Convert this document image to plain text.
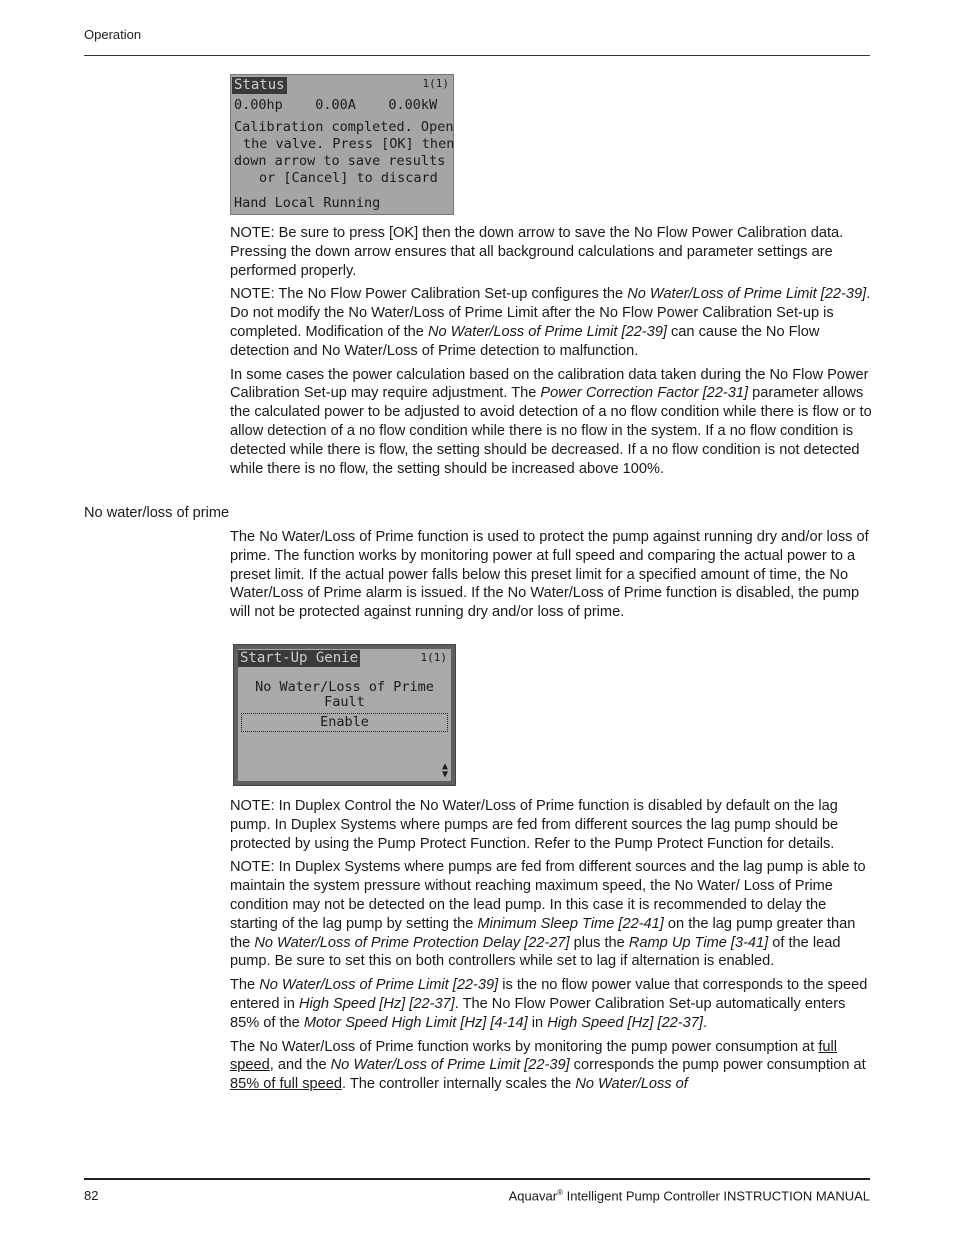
Operation
Status	1(1)
0.00hp    0.00A    0.00kW
Calibration completed. Open
the valve. Press [OK] then
down arrow to save results
or [Cancel] to discard
Hand Local Running

NOTE: Be sure to press [OK] then the down arrow to save the No Flow Power Calibration data. Pressing the down arrow ensures that all background calculations and parameter settings are performed properly.

NOTE: The No Flow Power Calibration Set-up configures the No Water/Loss of Prime Limit [22-39]. Do not modify the No Water/Loss of Prime Limit after the No Flow Power Calibration Set-up is completed. Modification of the No Water/Loss of Prime Limit [22-39] can cause the No Flow detection and No Water/Loss of Prime detection to malfunction.

In some cases the power calculation based on the calibration data taken during the No Flow Power Calibration Set-up may require adjustment. The Power Correction Factor [22-31] parameter allows the calculated power to be adjusted to avoid detection of a no flow condition while there is flow or to allow detection of a no flow condition while there is no flow in the system. If a no flow condition is detected while there is flow, the setting should be decreased. If a no flow condition is not detected while there is no flow, the setting should be increased above 100%.

No water/loss of prime

The No Water/Loss of Prime function is used to protect the pump against running dry and/or loss of prime. The function works by monitoring power at full speed and comparing the actual power to a preset limit. If the actual power falls below this preset limit for a specified amount of time, the No Water/Loss of Prime alarm is issued. If the No Water/Loss of Prime function is disabled, the pump will not be protected against running dry and/or loss of prime.

Start-Up Genie	1(1)
No Water/Loss of Prime
Fault
Enable
▲
▼

NOTE: In Duplex Control the No Water/Loss of Prime function is disabled by default on the lag pump. In Duplex Systems where pumps are fed from different sources the lag pump should be protected by using the Pump Protect Function. Refer to the Pump Protect Function for details.

NOTE: In Duplex Systems where pumps are fed from different sources and the lag pump is able to maintain the system pressure without reaching maximum speed, the No Water/ Loss of Prime condition may not be detected on the lead pump. In this case it is recommended to delay the starting of the lag pump by setting the Minimum Sleep Time [22-41] on the lag pump greater than the No Water/Loss of Prime Protection Delay [22-27] plus the Ramp Up Time [3-41] of the lead pump. Be sure to set this on both controllers while set to lag if alternation is enabled.

The No Water/Loss of Prime Limit [22-39] is the no flow power value that corresponds to the speed entered in High Speed [Hz] [22-37]. The No Flow Power Calibration Set-up automatically enters 85% of the Motor Speed High Limit [Hz] [4-14] in High Speed [Hz] [22-37].

The No Water/Loss of Prime function works by monitoring the pump power consumption at full speed, and the No Water/Loss of Prime Limit [22-39] corresponds the pump power consumption at 85% of full speed. The controller internally scales the No Water/Loss of

82	Aquavar® Intelligent Pump Controller INSTRUCTION MANUAL
